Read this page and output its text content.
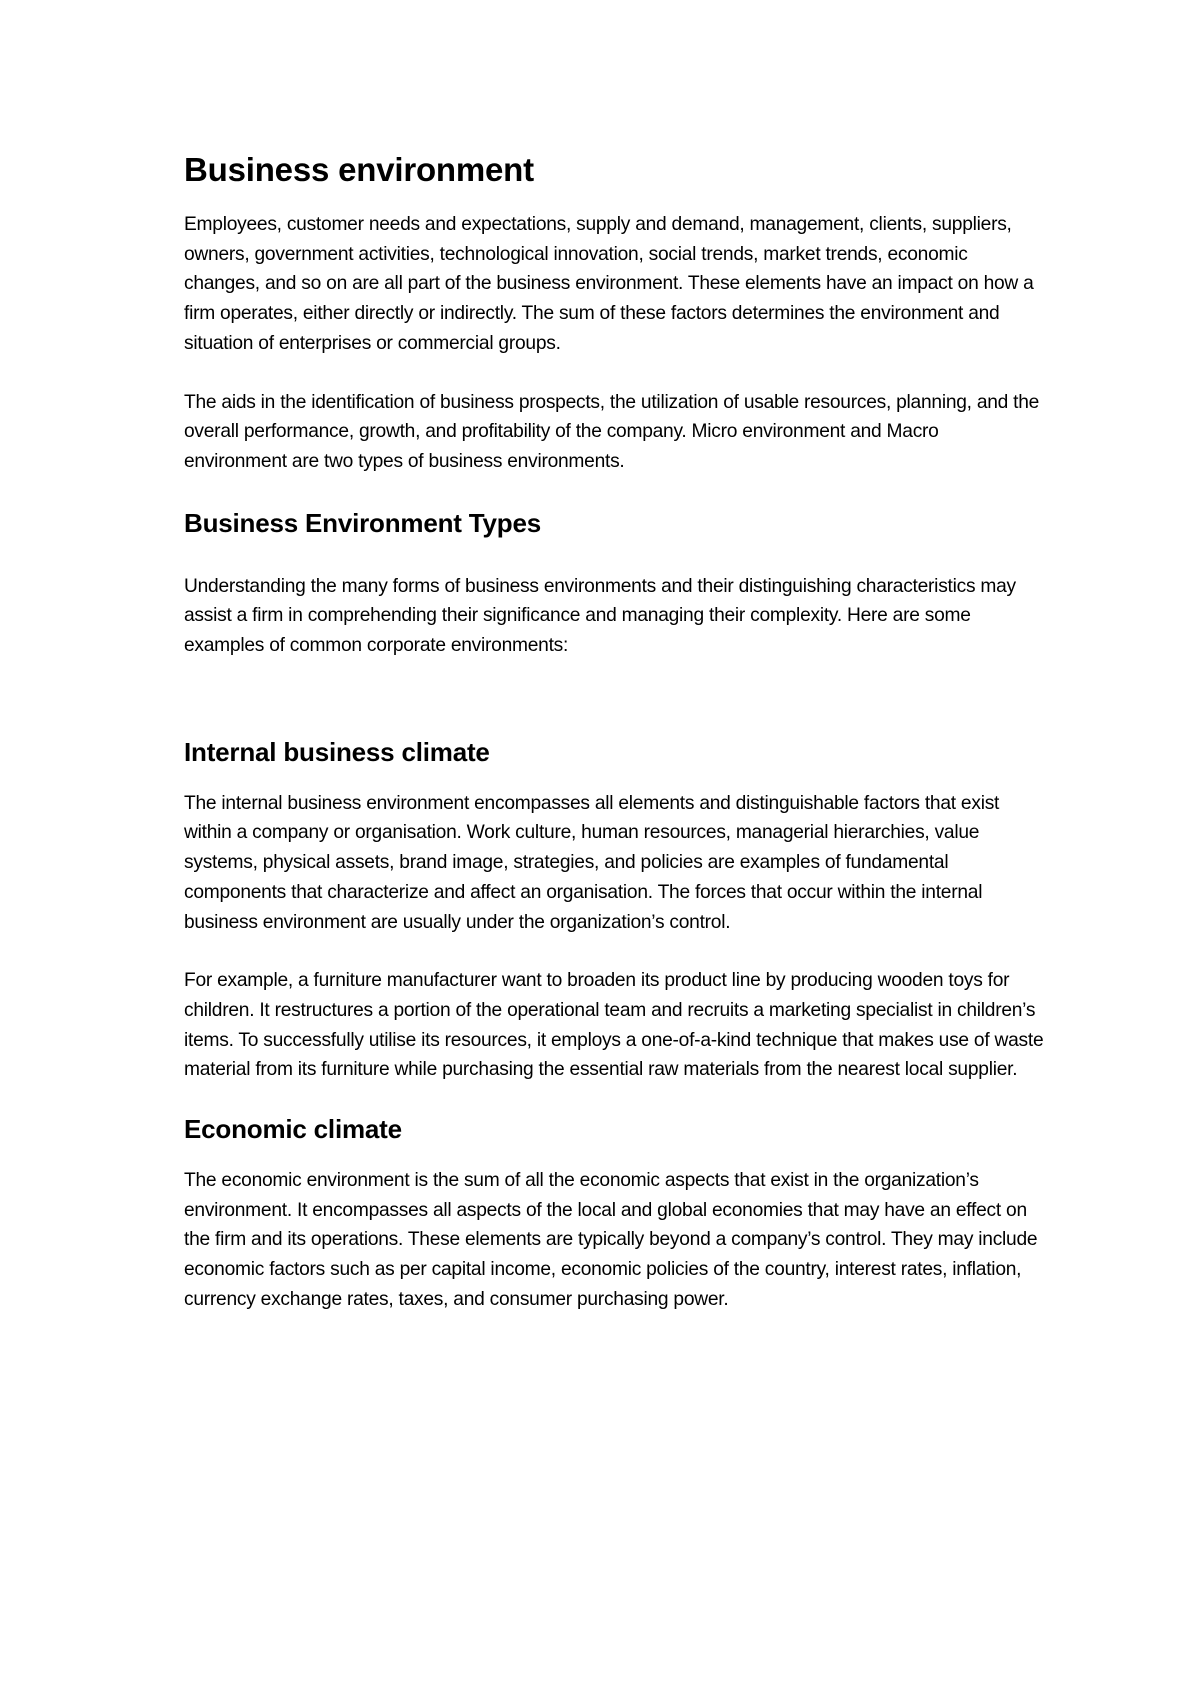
Business environment

Employees, customer needs and expectations, supply and demand, management, clients, suppliers, owners, government activities, technological innovation, social trends, market trends, economic changes, and so on are all part of the business environment. These elements have an impact on how a firm operates, either directly or indirectly. The sum of these factors determines the environment and situation of enterprises or commercial groups.

The aids in the identification of business prospects, the utilization of usable resources, planning, and the overall performance, growth, and profitability of the company. Micro environment and Macro environment are two types of business environments.

Business Environment Types

Understanding the many forms of business environments and their distinguishing characteristics may assist a firm in comprehending their significance and managing their complexity. Here are some examples of common corporate environments:

Internal business climate

The internal business environment encompasses all elements and distinguishable factors that exist within a company or organisation. Work culture, human resources, managerial hierarchies, value systems, physical assets, brand image, strategies, and policies are examples of fundamental components that characterize and affect an organisation. The forces that occur within the internal business environment are usually under the organization’s control.

For example, a furniture manufacturer want to broaden its product line by producing wooden toys for children. It restructures a portion of the operational team and recruits a marketing specialist in children’s items. To successfully utilise its resources, it employs a one-of-a-kind technique that makes use of waste material from its furniture while purchasing the essential raw materials from the nearest local supplier.

Economic climate

The economic environment is the sum of all the economic aspects that exist in the organization’s environment. It encompasses all aspects of the local and global economies that may have an effect on the firm and its operations. These elements are typically beyond a company’s control. They may include economic factors such as per capital income, economic policies of the country, interest rates, inflation, currency exchange rates, taxes, and consumer purchasing power.
